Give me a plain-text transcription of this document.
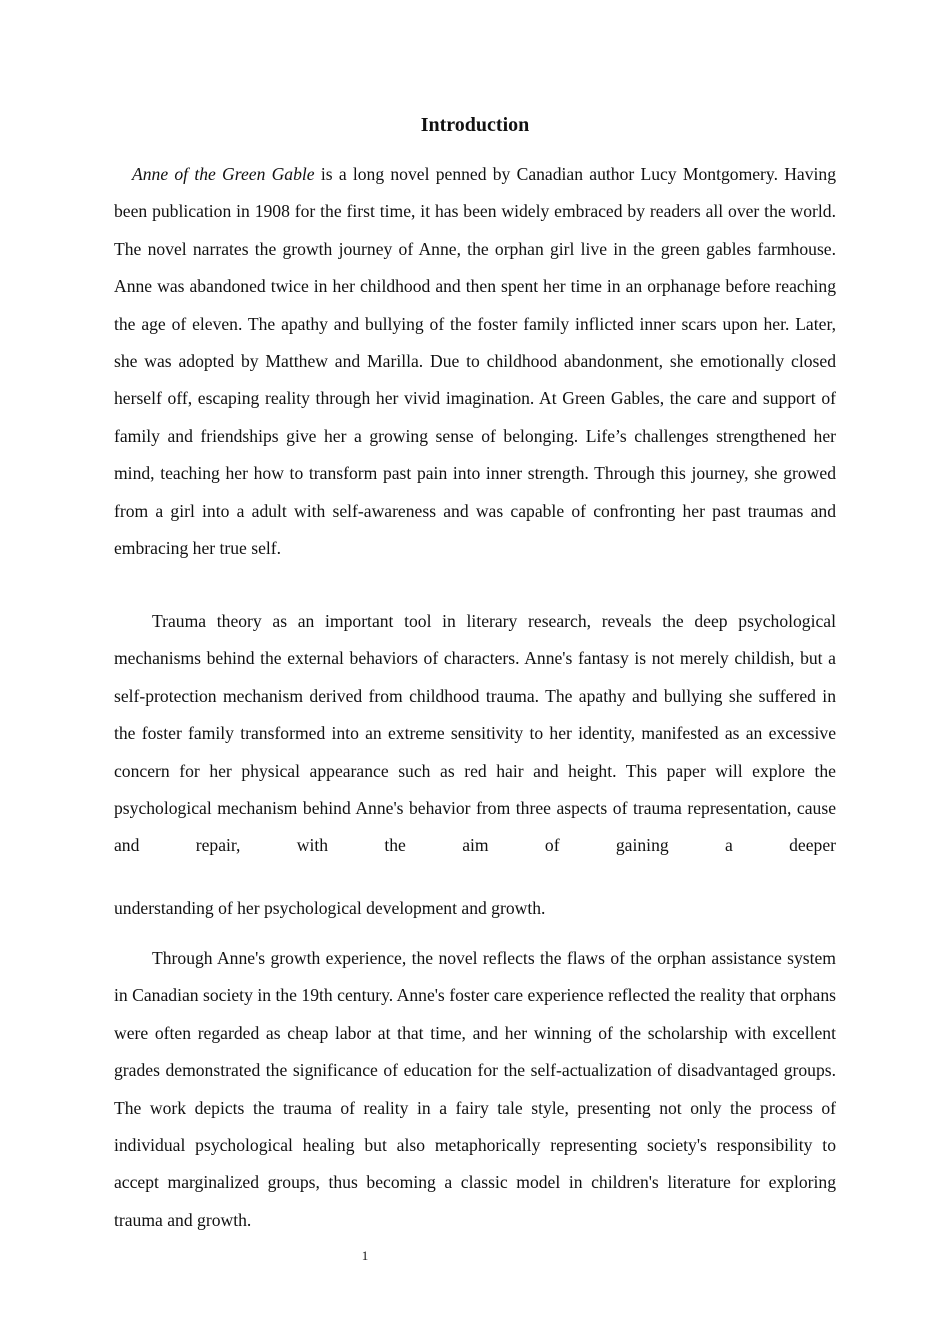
Introduction

Anne of the Green Gable is a long novel penned by Canadian author Lucy Montgomery. Having been publication in 1908 for the first time, it has been widely embraced by readers all over the world. The novel narrates the growth journey of Anne, the orphan girl live in the green gables farmhouse. Anne was abandoned twice in her childhood and then spent her time in an orphanage before reaching the age of eleven. The apathy and bullying of the foster family inflicted inner scars upon her. Later, she was adopted by Matthew and Marilla. Due to childhood abandonment, she emotionally closed herself off, escaping reality through her vivid imagination. At Green Gables, the care and support of family and friendships give her a growing sense of belonging. Life’s challenges strengthened her mind, teaching her how to transform past pain into inner strength. Through this journey, she growed from a girl into a adult with self-awareness and was capable of confronting her past traumas and embracing her true self.

Trauma theory as an important tool in literary research, reveals the deep psychological mechanisms behind the external behaviors of characters. Anne's fantasy is not merely childish, but a self-protection mechanism derived from childhood trauma. The apathy and bullying she suffered in the foster family transformed into an extreme sensitivity to her identity, manifested as an excessive concern for her physical appearance such as red hair and height. This paper will explore the psychological mechanism behind Anne's behavior from three aspects of trauma representation, cause and repair, with the aim of gaining a deeper

understanding of her psychological development and growth.

Through Anne's growth experience, the novel reflects the flaws of the orphan assistance system in Canadian society in the 19th century. Anne's foster care experience reflected the reality that orphans were often regarded as cheap labor at that time, and her winning of the scholarship with excellent grades demonstrated the significance of education for the self-actualization of disadvantaged groups. The work depicts the trauma of reality in a fairy tale style, presenting not only the process of individual psychological healing but also metaphorically representing society's responsibility to accept marginalized groups, thus becoming a classic model in children's literature for exploring trauma and growth.

1
